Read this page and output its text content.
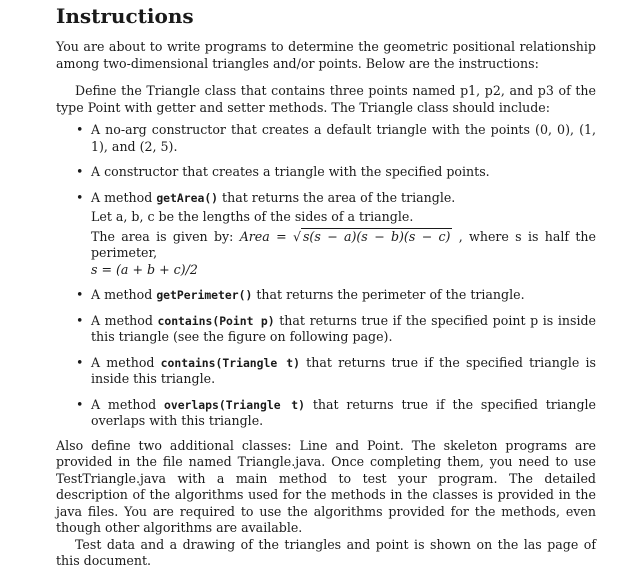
Instructions

You are about to write programs to determine the geometric positional relationship among two-dimensional triangles and/or points. Below are the instructions:

Define the Triangle class that contains three points named p1, p2, and p3 of the type Point with getter and setter methods. The Triangle class should include:

• A no-arg constructor that creates a default triangle with the points (0, 0), (1, 1), and (2, 5).
• A constructor that creates a triangle with the specified points.
• A method getArea() that returns the area of the triangle.
Let a, b, c be the lengths of the sides of a triangle.
The area is given by: Area = √ s(s − a)(s − b)(s − c) , where s is half the perimeter,
s = (a + b + c)/2
• A method getPerimeter() that returns the perimeter of the triangle.
• A method contains(Point p) that returns true if the specified point p is inside this triangle (see the figure on following page).
• A method contains(Triangle t) that returns true if the specified triangle is inside this triangle.
• A method overlaps(Triangle t) that returns true if the specified triangle overlaps with this triangle.

Also define two additional classes: Line and Point. The skeleton programs are provided in the file named Triangle.java. Once completing them, you need to use TestTriangle.java with a main method to test your program. The detailed description of the algorithms used for the methods in the classes is provided in the java files. You are required to use the algorithms provided for the methods, even though other algorithms are available.

Test data and a drawing of the triangles and point is shown on the las page of this document.
